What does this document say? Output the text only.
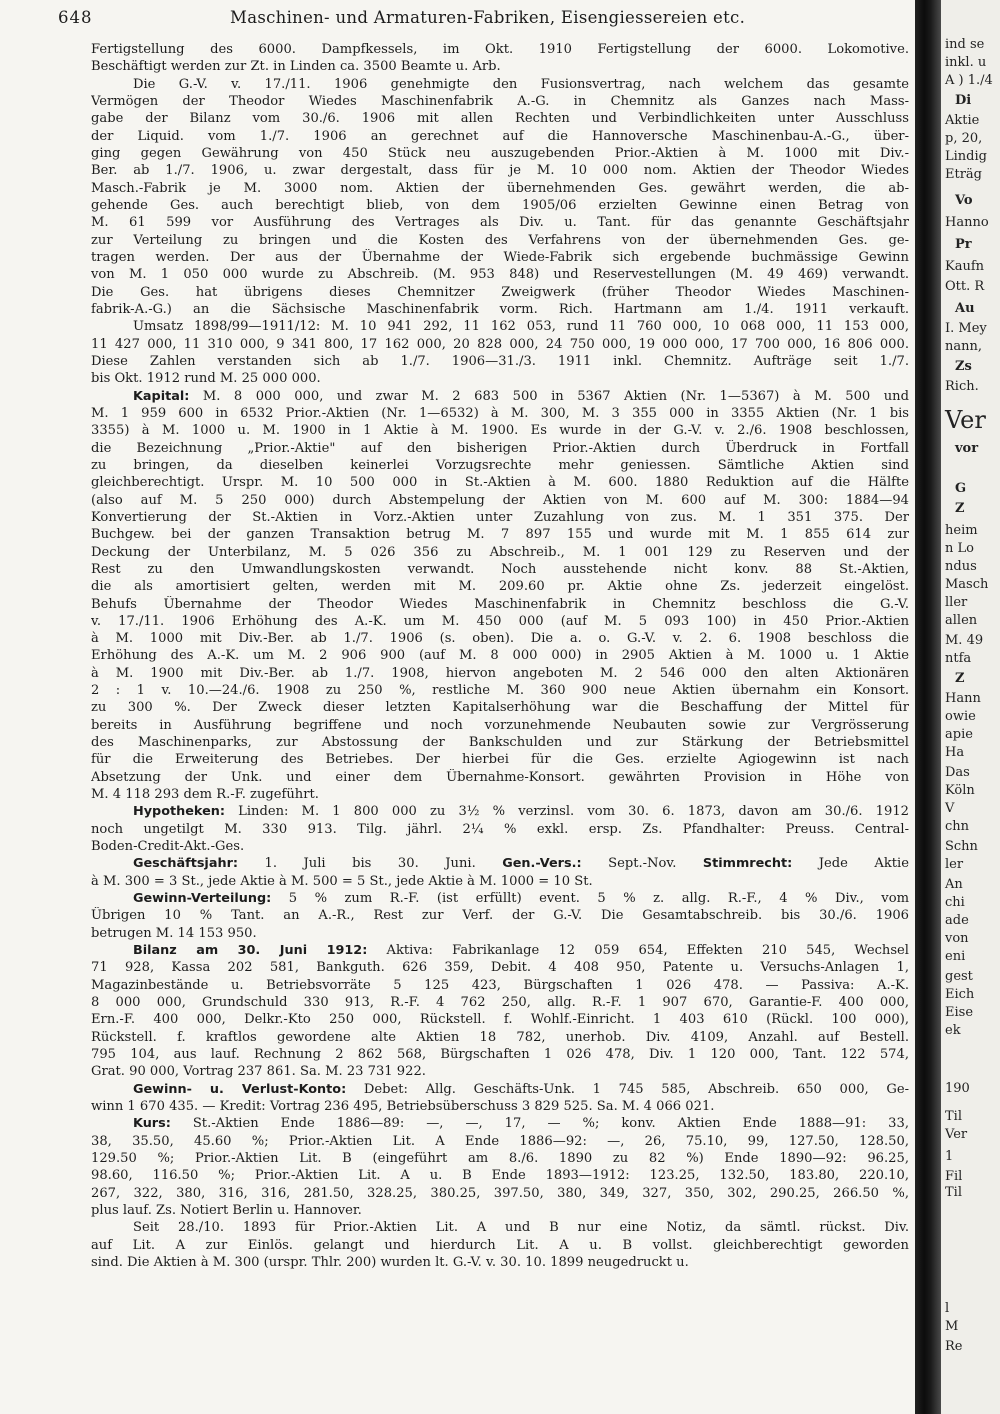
648	Maschinen- und Armaturen-Fabriken, Eisengiessereien etc.
Fertigstellung des 6000. Dampfkessels, im Okt. 1910 Fertigstellung der 6000. Lokomotive.
Beschäftigt werden zur Zt. in Linden ca. 3500 Beamte u. Arb.
Die G.-V. v. 17./11. 1906 genehmigte den Fusionsvertrag, nach welchem das gesamte
Vermögen der Theodor Wiedes Maschinenfabrik A.-G. in Chemnitz als Ganzes nach Mass-
gabe der Bilanz vom 30./6. 1906 mit allen Rechten und Verbindlichkeiten unter Ausschluss
der Liquid. vom 1./7. 1906 an gerechnet auf die Hannoversche Maschinenbau-A.-G., über-
ging gegen Gewährung von 450 Stück neu auszugebenden Prior.-Aktien à M. 1000 mit Div.-
Ber. ab 1./7. 1906, u. zwar dergestalt, dass für je M. 10 000 nom. Aktien der Theodor Wiedes
Masch.-Fabrik je M. 3000 nom. Aktien der übernehmenden Ges. gewährt werden, die ab-
gehende Ges. auch berechtigt blieb, von dem 1905/06 erzielten Gewinne einen Betrag von
M. 61 599 vor Ausführung des Vertrages als Div. u. Tant. für das genannte Geschäftsjahr
zur Verteilung zu bringen und die Kosten des Verfahrens von der übernehmenden Ges. ge-
tragen werden. Der aus der Übernahme der Wiede-Fabrik sich ergebende buchmässige Gewinn
von M. 1 050 000 wurde zu Abschreib. (M. 953 848) und Reservestellungen (M. 49 469) verwandt.
Die Ges. hat übrigens dieses Chemnitzer Zweigwerk (früher Theodor Wiedes Maschinen-
fabrik-A.-G.) an die Sächsische Maschinenfabrik vorm. Rich. Hartmann am 1./4. 1911 verkauft.
Umsatz 1898/99—1911/12: M. 10 941 292, 11 162 053, rund 11 760 000, 10 068 000, 11 153 000,
11 427 000, 11 310 000, 9 341 800, 17 162 000, 20 828 000, 24 750 000, 19 000 000, 17 700 000, 16 806 000.
Diese Zahlen verstanden sich ab 1./7. 1906—31./3. 1911 inkl. Chemnitz. Aufträge seit 1./7.
bis Okt. 1912 rund M. 25 000 000.
Kapital: M. 8 000 000, und zwar M. 2 683 500 in 5367 Aktien (Nr. 1—5367) à M. 500 und
M. 1 959 600 in 6532 Prior.-Aktien (Nr. 1—6532) à M. 300, M. 3 355 000 in 3355 Aktien (Nr. 1 bis
3355) à M. 1000 u. M. 1900 in 1 Aktie à M. 1900. Es wurde in der G.-V. v. 2./6. 1908 beschlossen,
die Bezeichnung „Prior.-Aktie" auf den bisherigen Prior.-Aktien durch Überdruck in Fortfall
zu bringen, da dieselben keinerlei Vorzugsrechte mehr geniessen. Sämtliche Aktien sind
gleichberechtigt. Urspr. M. 10 500 000 in St.-Aktien à M. 600. 1880 Reduktion auf die Hälfte
(also auf M. 5 250 000) durch Abstempelung der Aktien von M. 600 auf M. 300: 1884—94
Konvertierung der St.-Aktien in Vorz.-Aktien unter Zuzahlung von zus. M. 1 351 375. Der
Buchgew. bei der ganzen Transaktion betrug M. 7 897 155 und wurde mit M. 1 855 614 zur
Deckung der Unterbilanz, M. 5 026 356 zu Abschreib., M. 1 001 129 zu Reserven und der
Rest zu den Umwandlungskosten verwandt. Noch ausstehende nicht konv. 88 St.-Aktien,
die als amortisiert gelten, werden mit M. 209.60 pr. Aktie ohne Zs. jederzeit eingelöst.
Behufs Übernahme der Theodor Wiedes Maschinenfabrik in Chemnitz beschloss die G.-V.
v. 17./11. 1906 Erhöhung des A.-K. um M. 450 000 (auf M. 5 093 100) in 450 Prior.-Aktien
à M. 1000 mit Div.-Ber. ab 1./7. 1906 (s. oben). Die a. o. G.-V. v. 2. 6. 1908 beschloss die
Erhöhung des A.-K. um M. 2 906 900 (auf M. 8 000 000) in 2905 Aktien à M. 1000 u. 1 Aktie
à M. 1900 mit Div.-Ber. ab 1./7. 1908, hiervon angeboten M. 2 546 000 den alten Aktionären
2 : 1 v. 10.—24./6. 1908 zu 250 %, restliche M. 360 900 neue Aktien übernahm ein Konsort.
zu 300 %. Der Zweck dieser letzten Kapitalserhöhung war die Beschaffung der Mittel für
bereits in Ausführung begriffene und noch vorzunehmende Neubauten sowie zur Vergrösserung
des Maschinenparks, zur Abstossung der Bankschulden und zur Stärkung der Betriebsmittel
für die Erweiterung des Betriebes. Der hierbei für die Ges. erzielte Agiogewinn ist nach
Absetzung der Unk. und einer dem Übernahme-Konsort. gewährten Provision in Höhe von
M. 4 118 293 dem R.-F. zugeführt.
Hypotheken: Linden: M. 1 800 000 zu 3½ % verzinsl. vom 30. 6. 1873, davon am 30./6. 1912
noch ungetilgt M. 330 913. Tilg. jährl. 2¼ % exkl. ersp. Zs. Pfandhalter: Preuss. Central-
Boden-Credit-Akt.-Ges.
Geschäftsjahr: 1. Juli bis 30. Juni. Gen.-Vers.: Sept.-Nov. Stimmrecht: Jede Aktie
à M. 300 = 3 St., jede Aktie à M. 500 = 5 St., jede Aktie à M. 1000 = 10 St.
Gewinn-Verteilung: 5 % zum R.-F. (ist erfüllt) event. 5 % z. allg. R.-F., 4 % Div., vom
Übrigen 10 % Tant. an A.-R., Rest zur Verf. der G.-V. Die Gesamtabschreib. bis 30./6. 1906
betrugen M. 14 153 950.
Bilanz am 30. Juni 1912: Aktiva: Fabrikanlage 12 059 654, Effekten 210 545, Wechsel
71 928, Kassa 202 581, Bankguth. 626 359, Debit. 4 408 950, Patente u. Versuchs-Anlagen 1,
Magazinbestände u. Betriebsvorräte 5 125 423, Bürgschaften 1 026 478. — Passiva: A.-K.
8 000 000, Grundschuld 330 913, R.-F. 4 762 250, allg. R.-F. 1 907 670, Garantie-F. 400 000,
Ern.-F. 400 000, Delkr.-Kto 250 000, Rückstell. f. Wohlf.-Einricht. 1 403 610 (Rückl. 100 000),
Rückstell. f. kraftlos gewordene alte Aktien 18 782, unerhob. Div. 4109, Anzahl. auf Bestell.
795 104, aus lauf. Rechnung 2 862 568, Bürgschaften 1 026 478, Div. 1 120 000, Tant. 122 574,
Grat. 90 000, Vortrag 237 861. Sa. M. 23 731 922.
Gewinn- u. Verlust-Konto: Debet: Allg. Geschäfts-Unk. 1 745 585, Abschreib. 650 000, Ge-
winn 1 670 435. — Kredit: Vortrag 236 495, Betriebsüberschuss 3 829 525. Sa. M. 4 066 021.
Kurs: St.-Aktien Ende 1886—89: —, —, 17, — %; konv. Aktien Ende 1888—91: 33,
38, 35.50, 45.60 %; Prior.-Aktien Lit. A Ende 1886—92: —, 26, 75.10, 99, 127.50, 128.50,
129.50 %; Prior.-Aktien Lit. B (eingeführt am 8./6. 1890 zu 82 %) Ende 1890—92: 96.25,
98.60, 116.50 %; Prior.-Aktien Lit. A u. B Ende 1893—1912: 123.25, 132.50, 183.80, 220.10,
267, 322, 380, 316, 316, 281.50, 328.25, 380.25, 397.50, 380, 349, 327, 350, 302, 290.25, 266.50 %,
plus lauf. Zs. Notiert Berlin u. Hannover.
Seit 28./10. 1893 für Prior.-Aktien Lit. A und B nur eine Notiz, da sämtl. rückst. Div.
auf Lit. A zur Einlös. gelangt und hierdurch Lit. A u. B vollst. gleichberechtigt geworden
sind. Die Aktien à M. 300 (urspr. Thlr. 200) wurden lt. G.-V. v. 30. 10. 1899 neugedruckt u.
ind se
inkl. u
A ) 1./4
Di
Aktie
p, 20,
Lindig
Eträg
Vo
Hanno
Pr
Kaufn
Ott. R
Au
I. Mey
nann,
Zs
Rich.
Ver
vor
G
Z
heim
n Lo
ndus
Masch
ller
allen
M. 49
ntfa
Z
Hann
owie
apie
Ha
Das
Köln
V
chn
Schn
ler
An
chi
ade
von
eni
gest
Eich
Eise
ek
190
Til
Ver
1
Fil
Til
l
M
Re
